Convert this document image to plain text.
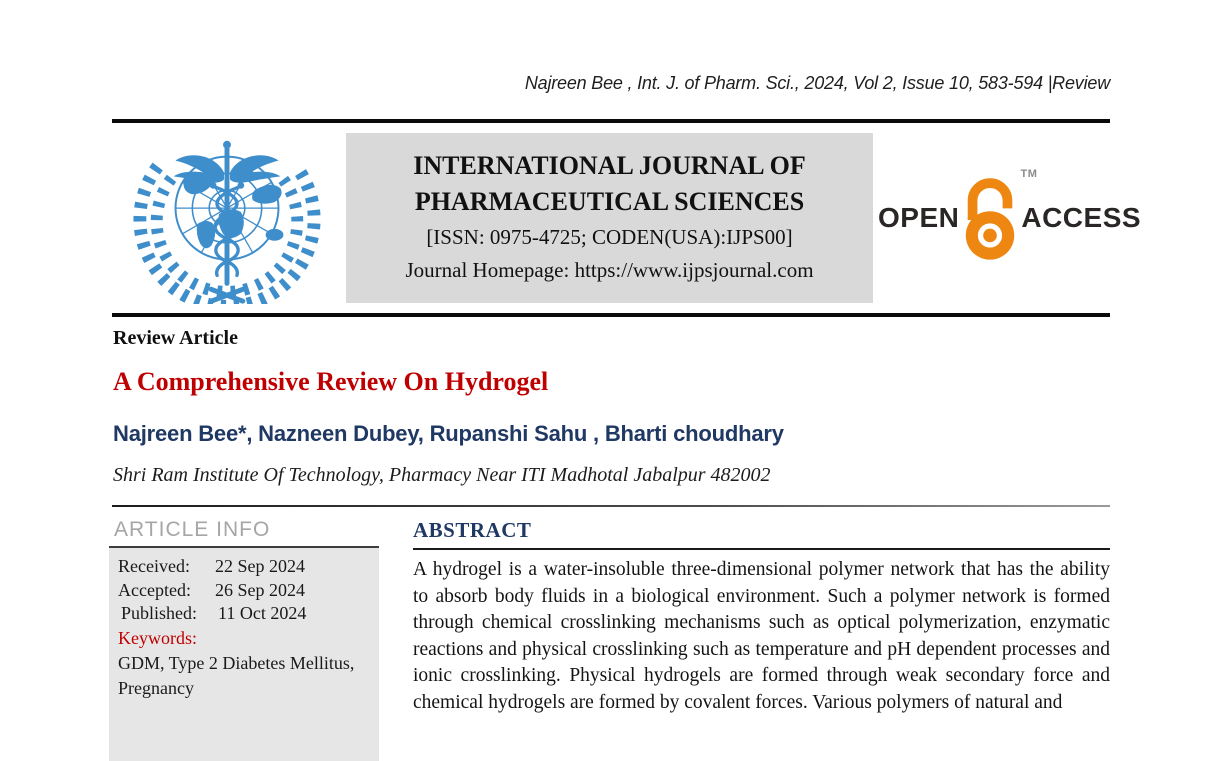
Najreen Bee , Int. J. of Pharm. Sci., 2024, Vol 2, Issue 10, 583-594 |Review
INTERNATIONAL JOURNAL OF
PHARMACEUTICAL SCIENCES
[ISSN: 0975-4725; CODEN(USA):IJPS00]
Journal Homepage: https://www.ijpsjournal.com
OPEN
TM
ACCESS
Review Article
A Comprehensive Review On Hydrogel
Najreen Bee*, Nazneen Dubey, Rupanshi Sahu , Bharti choudhary
Shri Ram Institute Of Technology, Pharmacy Near ITI Madhotal Jabalpur 482002
ARTICLE INFO
Received:	22 Sep 2024
Accepted:	26 Sep 2024
Published:	11 Oct 2024
Keywords:
GDM, Type 2 Diabetes Mellitus, Pregnancy
ABSTRACT
A hydrogel is a water-insoluble three-dimensional polymer network that has the ability to absorb body fluids in a biological environment. Such a polymer network is formed through chemical crosslinking mechanisms such as optical polymerization, enzymatic reactions and physical crosslinking such as temperature and pH dependent processes and ionic crosslinking. Physical hydrogels are formed through weak secondary force and chemical hydrogels are formed by covalent forces. Various polymers of natural and
